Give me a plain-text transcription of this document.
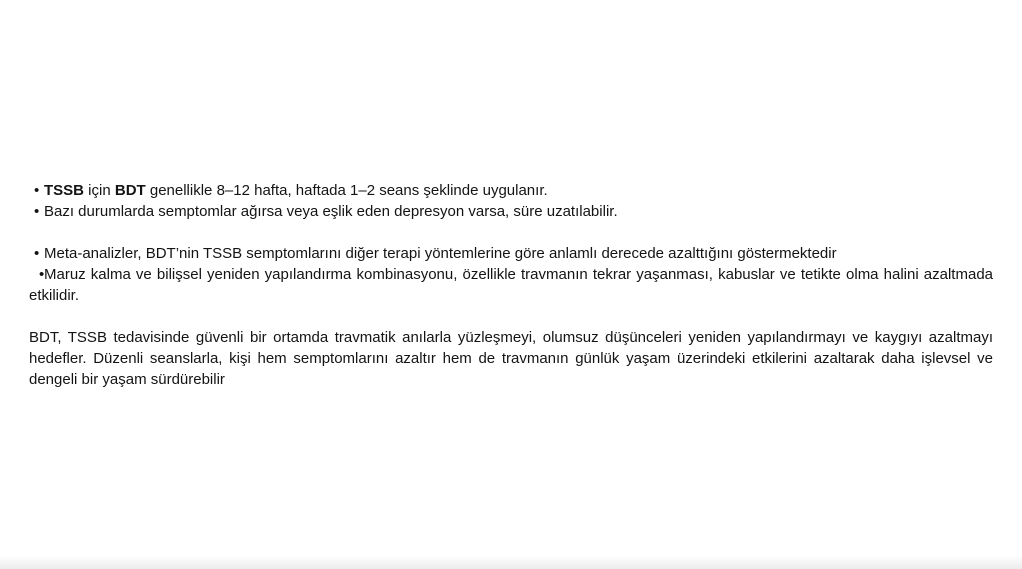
• TSSB için BDT genellikle 8–12 hafta, haftada 1–2 seans şeklinde uygulanır.
• Bazı durumlarda semptomlar ağırsa veya eşlik eden depresyon varsa, süre uzatılabilir.
• Meta-analizler, BDT’nin TSSB semptomlarını diğer terapi yöntemlerine göre anlamlı derecede azalttığını göstermektedir
•Maruz kalma ve bilişsel yeniden yapılandırma kombinasyonu, özellikle travmanın tekrar yaşanması, kabuslar ve tetikte olma halini azaltmada etkilidir.
BDT, TSSB tedavisinde güvenli bir ortamda travmatik anılarla yüzleşmeyi, olumsuz düşünceleri yeniden yapılandırmayı ve kaygıyı azaltmayı hedefler. Düzenli seanslarla, kişi hem semptomlarını azaltır hem de travmanın günlük yaşam üzerindeki etkilerini azaltarak daha işlevsel ve dengeli bir yaşam sürdürebilir
